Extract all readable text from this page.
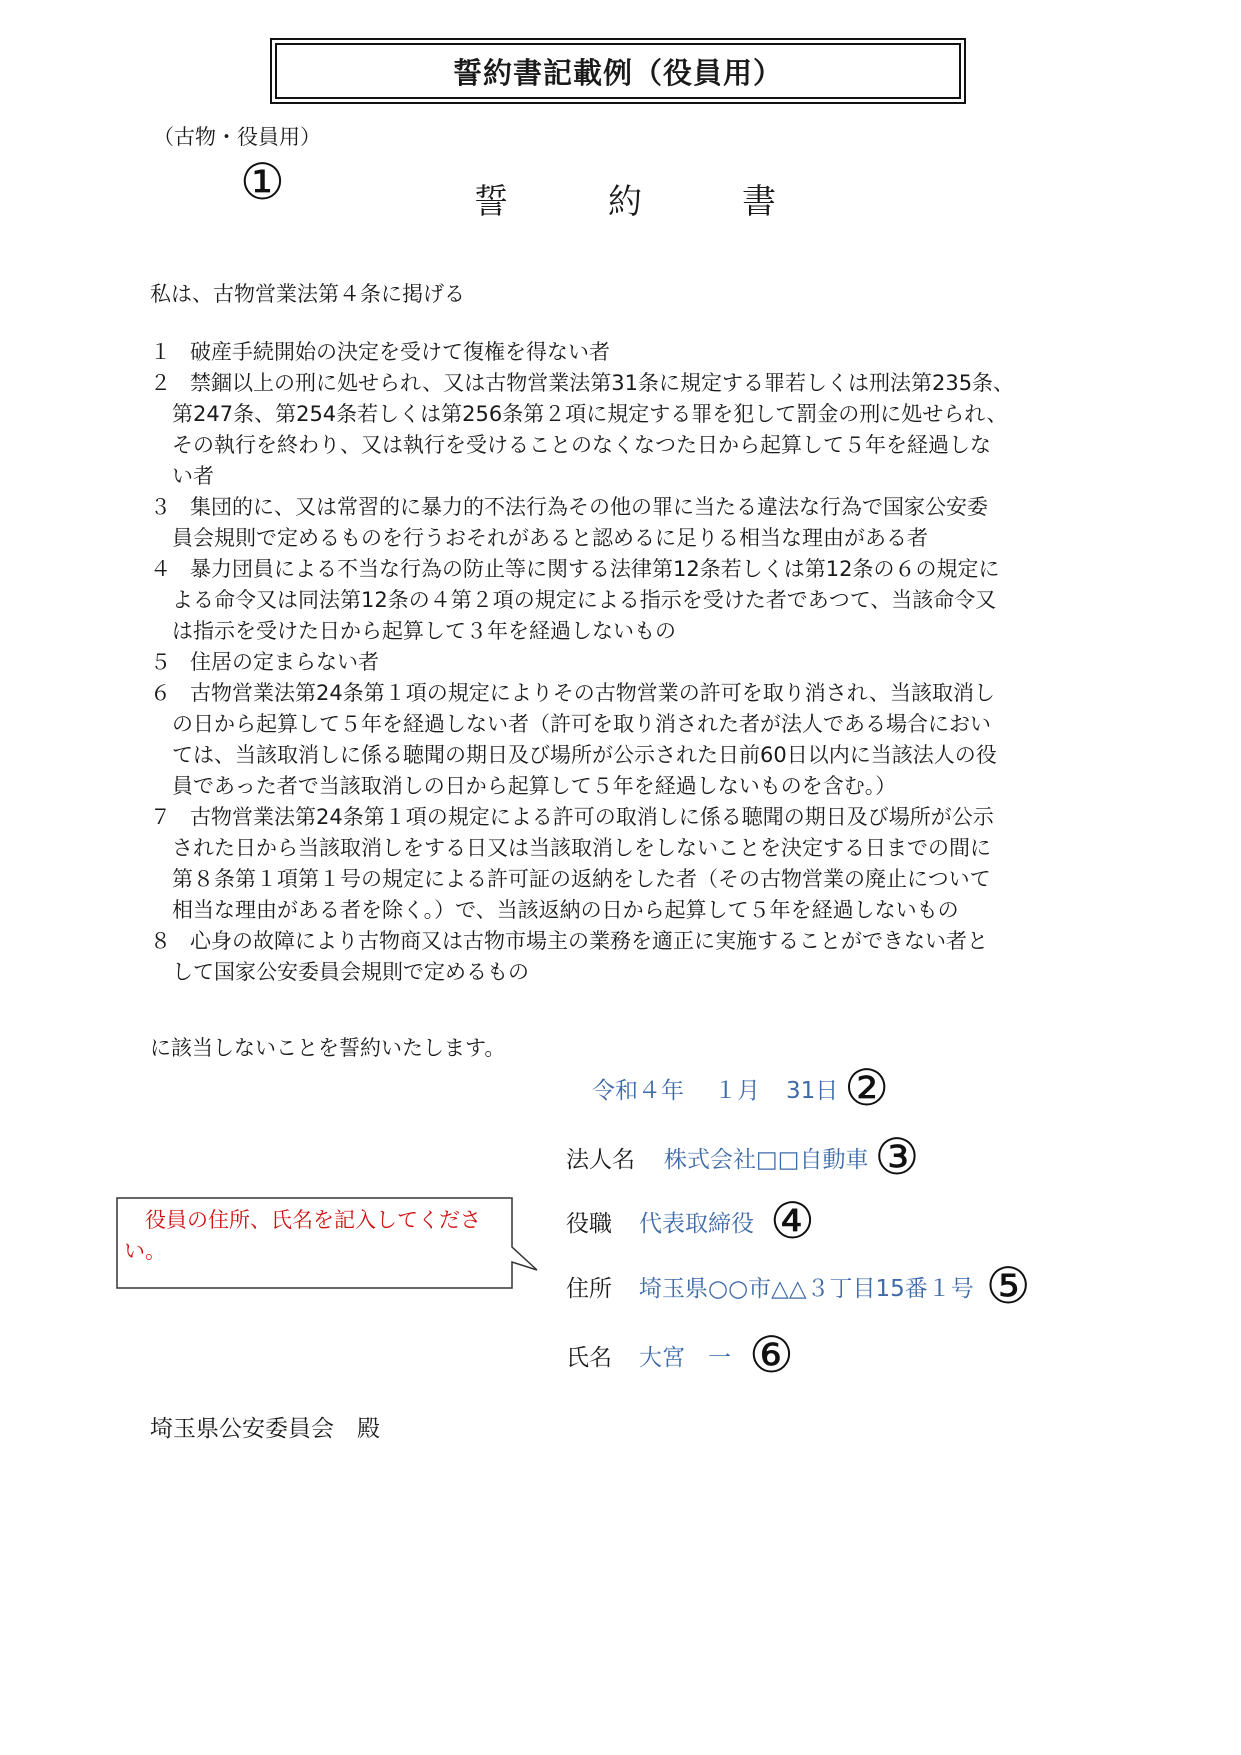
誓約書記載例（役員用）
（古物・役員用）
①	誓	約	書
私は、古物営業法第４条に掲げる
１ 破産手続開始の決定を受けて復権を得ない者
２ 禁錮以上の刑に処せられ、又は古物営業法第31条に規定する罪若しくは刑法第235条、
第247条、第254条若しくは第256条第２項に規定する罪を犯して罰金の刑に処せられ、
その執行を終わり、又は執行を受けることのなくなつた日から起算して５年を経過しな
い者
３ 集団的に、又は常習的に暴力的不法行為その他の罪に当たる違法な行為で国家公安委
員会規則で定めるものを行うおそれがあると認めるに足りる相当な理由がある者
４ 暴力団員による不当な行為の防止等に関する法律第12条若しくは第12条の６の規定に
よる命令又は同法第12条の４第２項の規定による指示を受けた者であつて、当該命令又
は指示を受けた日から起算して３年を経過しないもの
５ 住居の定まらない者
６ 古物営業法第24条第１項の規定によりその古物営業の許可を取り消され、当該取消し
の日から起算して５年を経過しない者（許可を取り消された者が法人である場合におい
ては、当該取消しに係る聴聞の期日及び場所が公示された日前60日以内に当該法人の役
員であった者で当該取消しの日から起算して５年を経過しないものを含む。）
７ 古物営業法第24条第１項の規定による許可の取消しに係る聴聞の期日及び場所が公示
された日から当該取消しをする日又は当該取消しをしないことを決定する日までの間に
第８条第１項第１号の規定による許可証の返納をした者（その古物営業の廃止について
相当な理由がある者を除く。）で、当該返納の日から起算して５年を経過しないもの
８ 心身の故障により古物商又は古物市場主の業務を適正に実施することができない者と
して国家公安委員会規則で定めるもの
に該当しないことを誓約いたします。
令和４年 １月 31日 ②
法人名 株式会社□□自動車 ③
役職 代表取締役 ④
住所 埼玉県○○市△△３丁目15番１号 ⑤
氏名 大宮　一 ⑥
役員の住所、氏名を記入してください。
埼玉県公安委員会　殿
